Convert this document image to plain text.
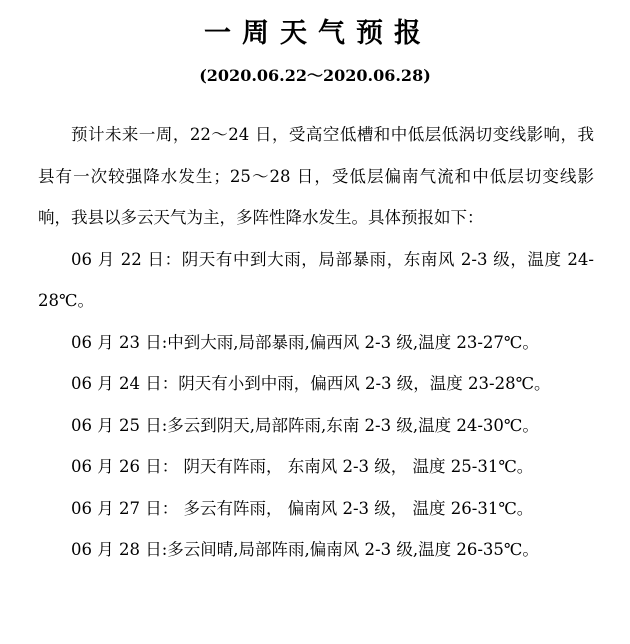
一周天气预报
(2020.06.22～2020.06.28)

预计未来一周，22～24 日，受高空低槽和中低层低涡切变线影响，我县有一次较强降水发生；25～28 日，受低层偏南气流和中低层切变线影响，我县以多云天气为主，多阵性降水发生。具体预报如下：

06 月 22 日：阴天有中到大雨，局部暴雨，东南风 2-3 级，温度 24-28℃。

06 月 23 日:中到大雨,局部暴雨,偏西风 2-3 级,温度 23-27℃。

06 月 24 日：阴天有小到中雨，偏西风 2-3 级，温度 23-28℃。

06 月 25 日:多云到阴天,局部阵雨,东南 2-3 级,温度 24-30℃。

06 月 26 日： 阴天有阵雨， 东南风 2-3 级， 温度 25-31℃。

06 月 27 日： 多云有阵雨， 偏南风 2-3 级， 温度 26-31℃。

06 月 28 日:多云间晴,局部阵雨,偏南风 2-3 级,温度 26-35℃。
